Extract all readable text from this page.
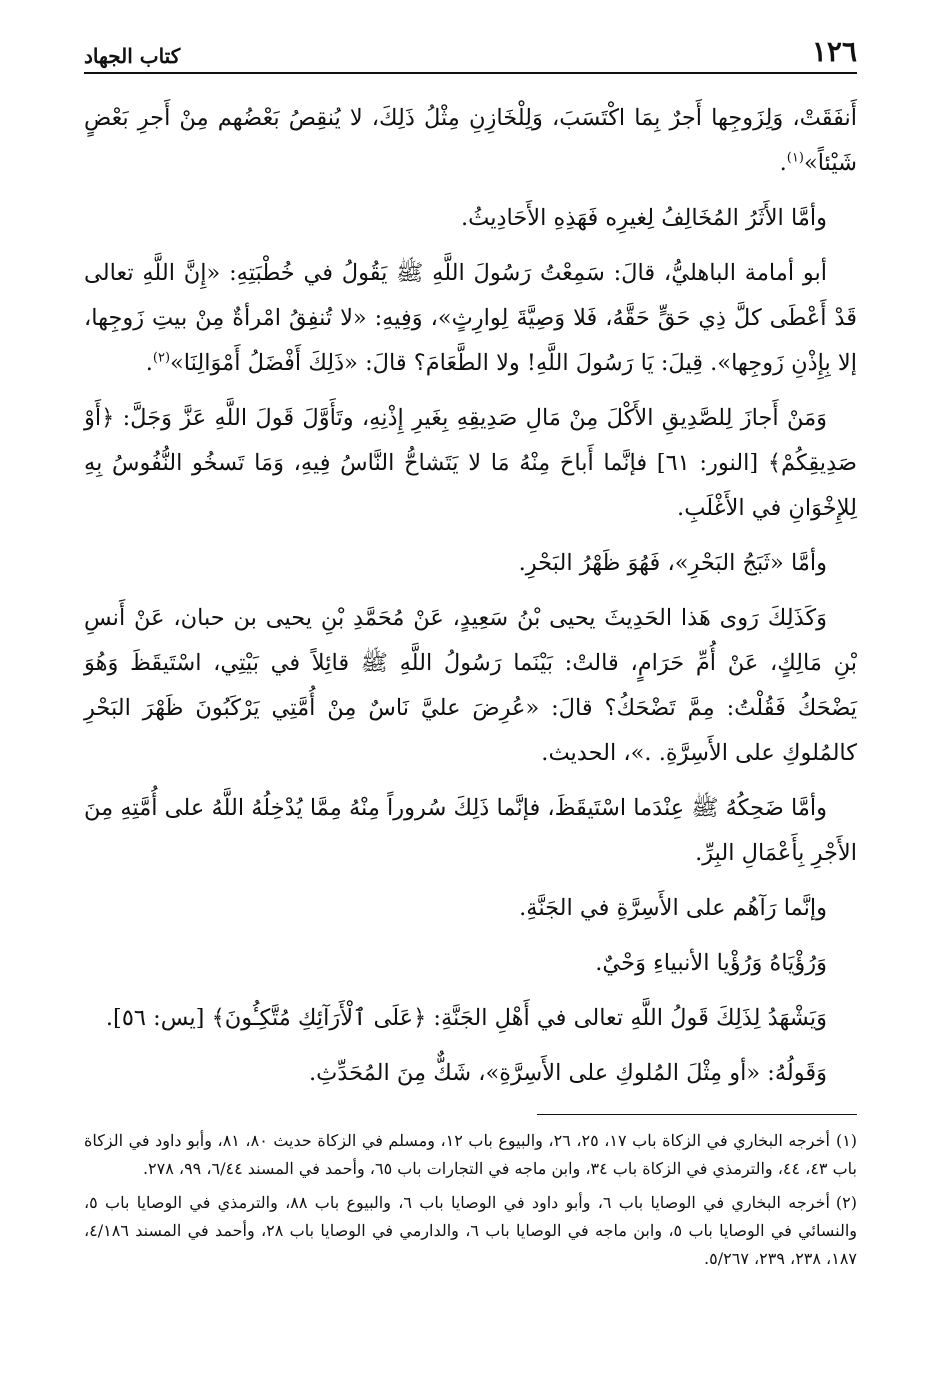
١٢٦
كتاب الجهاد

أَنفَقَتْ، وَلِزَوجِها أَجرٌ بِمَا اكْتَسَبَ، وَلِلْخَازِنِ مِثْلُ ذَلِكَ، لا يُنقِصُ بَعْضُهم مِنْ أَجرِ بَعْضٍ شَيْئاً»$^{(١)}$.

وأمَّا الأَثَرُ المُخَالِفُ لِغيرِه فَهَذِهِ الأَحَادِيثُ.

أبو أمامة الباهليُّ، قالَ: سَمِعْتُ رَسُولَ اللَّهِ ﷺ يَقُولُ في خُطْبَتِهِ: «إِنَّ اللَّهِ تعالى قَدْ أَعْطَى كلَّ ذِي حَقٍّ حَقَّهُ، فَلا وَصِيَّةَ لِوارِثٍ»، وَفِيهِ: «لا تُنفِقُ امْرأةٌ مِنْ بيتِ زَوجِها، إلا بِإِذْنِ زَوجِها». قِيلَ: يَا رَسُولَ اللَّهِ! ولا الطَّعَامَ؟ قالَ: «ذَلِكَ أَفْضَلُ أَمْوَالِنَا»$^{(٢)}$.

وَمَنْ أَجازَ لِلصَّدِيقِ الأَكْلَ مِنْ مَالِ صَدِيقِهِ بِغَيرِ إِذْنِهِ، وتَأَوَّلَ قَولَ اللَّهِ عَزَّ وَجَلَّ: ﴿أَوْ صَدِيقِكُمْ﴾ [النور: ٦١] فإنَّما أَباحَ مِنْهُ مَا لا يَتَشاحُّ النَّاسُ فِيهِ، وَمَا تَسخُو النُّفُوسُ بِهِ لِلإِخْوَانِ في الأَغْلَبِ.

وأمَّا «ثَبَجُ البَحْرِ»، فَهُوَ ظَهْرُ البَحْرِ.

وَكَذَلِكَ رَوى هَذا الحَدِيثَ يحيى بْنُ سَعِيدٍ، عَنْ مُحَمَّدِ بْنِ يحيى بن حبان، عَنْ أَنسِ بْنِ مَالِكٍ، عَنْ أُمِّ حَرَامٍ، قالتْ: بَيْنَما رَسُولُ اللَّهِ ﷺ قائِلاً في بَيْتِي، اسْتَيقَظَ وَهُوَ يَضْحَكُ فَقُلْتُ: مِمَّ تَضْحَكُ؟ قالَ: «عُرِضَ عليَّ نَاسٌ مِنْ أُمَّتِي يَرْكَبُونَ ظَهْرَ البَحْرِ كالمُلوكِ على الأَسِرَّةِ. .»، الحديث.

وأمَّا ضَحِكُهُ ﷺ عِنْدَما اسْتَيقَظَ، فإنَّما ذَلِكَ سُروراً مِنْهُ مِمَّا يُدْخِلُهُ اللَّهُ على أُمَّتِهِ مِنَ الأَجْرِ بِأَعْمَالِ البِرِّ.

وإنَّما رَآهُم على الأَسِرَّةِ في الجَنَّةِ.

وَرُؤْيَاهُ وَرُؤْيا الأنبياءِ وَحْيٌ.

وَيَشْهَدُ لِذَلِكَ قَولُ اللَّهِ تعالى في أَهْلِ الجَنَّةِ: ﴿عَلَى ٱلْأَرَآئِكِ مُتَّكِـُٔونَ﴾ [يس: ٥٦].

وَقَولُهُ: «أو مِثْلَ المُلوكِ على الأَسِرَّةِ»، شَكٌّ مِنَ المُحَدِّثِ.

(١)أخرجه البخاري في الزكاة باب ١٧، ٢٥، ٢٦، والبيوع باب ١٢، ومسلم في الزكاة حديث ٨٠، ٨١، وأبو داود في الزكاة باب ٤٣، ٤٤، والترمذي في الزكاة باب ٣٤، وابن ماجه في التجارات باب ٦٥، وأحمد في المسند ٦/٤٤، ٩٩، ٢٧٨.

(٢)أخرجه البخاري في الوصايا باب ٦، وأبو داود في الوصايا باب ٦، والبيوع باب ٨٨، والترمذي في الوصايا باب ٥، والنسائي في الوصايا باب ٥، وابن ماجه في الوصايا باب ٦، والدارمي في الوصايا باب ٢٨، وأحمد في المسند ٤/١٨٦، ١٨٧، ٢٣٨، ٢٣٩، ٥/٢٦٧.
